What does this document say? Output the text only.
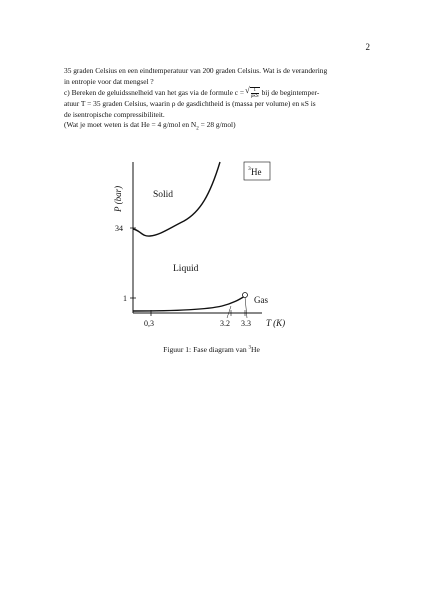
2

35 graden Celsius en een eindtemperatuur van 200 graden Celsius. Wat is de verandering

in entropie voor dat mengsel ?

c) Bereken de geluidssnelheid van het gas via de formule c =
√ $\frac{1}{\text{ρκS}}$ bij de begintemper-

atuur T = 35 graden Celsius, waarin ρ de gasdichtheid is (massa per volume) en κS is

de isentropische compressibiliteit.

(Wat je moet weten is dat He = 4 g/mol en $N_2 = 28$ g/mol)

P (bar)
34
1
0,3	3.2 3.3 T (K)
Solid
Liquid
Gas
3 He
Figuur 1: Fase diagram van $^3$He
